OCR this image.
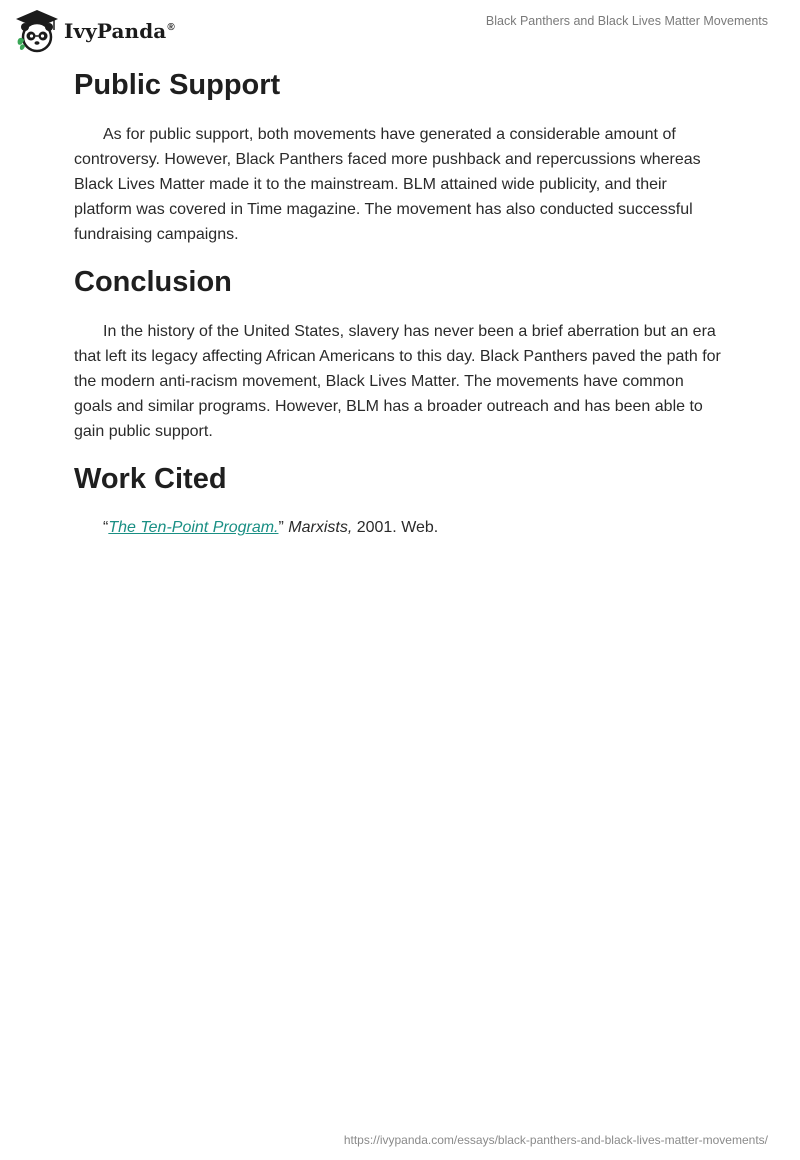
IvyPanda®	Black Panthers and Black Lives Matter Movements
Public Support

As for public support, both movements have generated a considerable amount of controversy. However, Black Panthers faced more pushback and repercussions whereas Black Lives Matter made it to the mainstream. BLM attained wide publicity, and their platform was covered in Time magazine. The movement has also conducted successful fundraising campaigns.

Conclusion

In the history of the United States, slavery has never been a brief aberration but an era that left its legacy affecting African Americans to this day. Black Panthers paved the path for the modern anti-racism movement, Black Lives Matter. The movements have common goals and similar programs. However, BLM has a broader outreach and has been able to gain public support.

Work Cited

“The Ten-Point Program.” Marxists, 2001. Web.

https://ivypanda.com/essays/black-panthers-and-black-lives-matter-movements/
